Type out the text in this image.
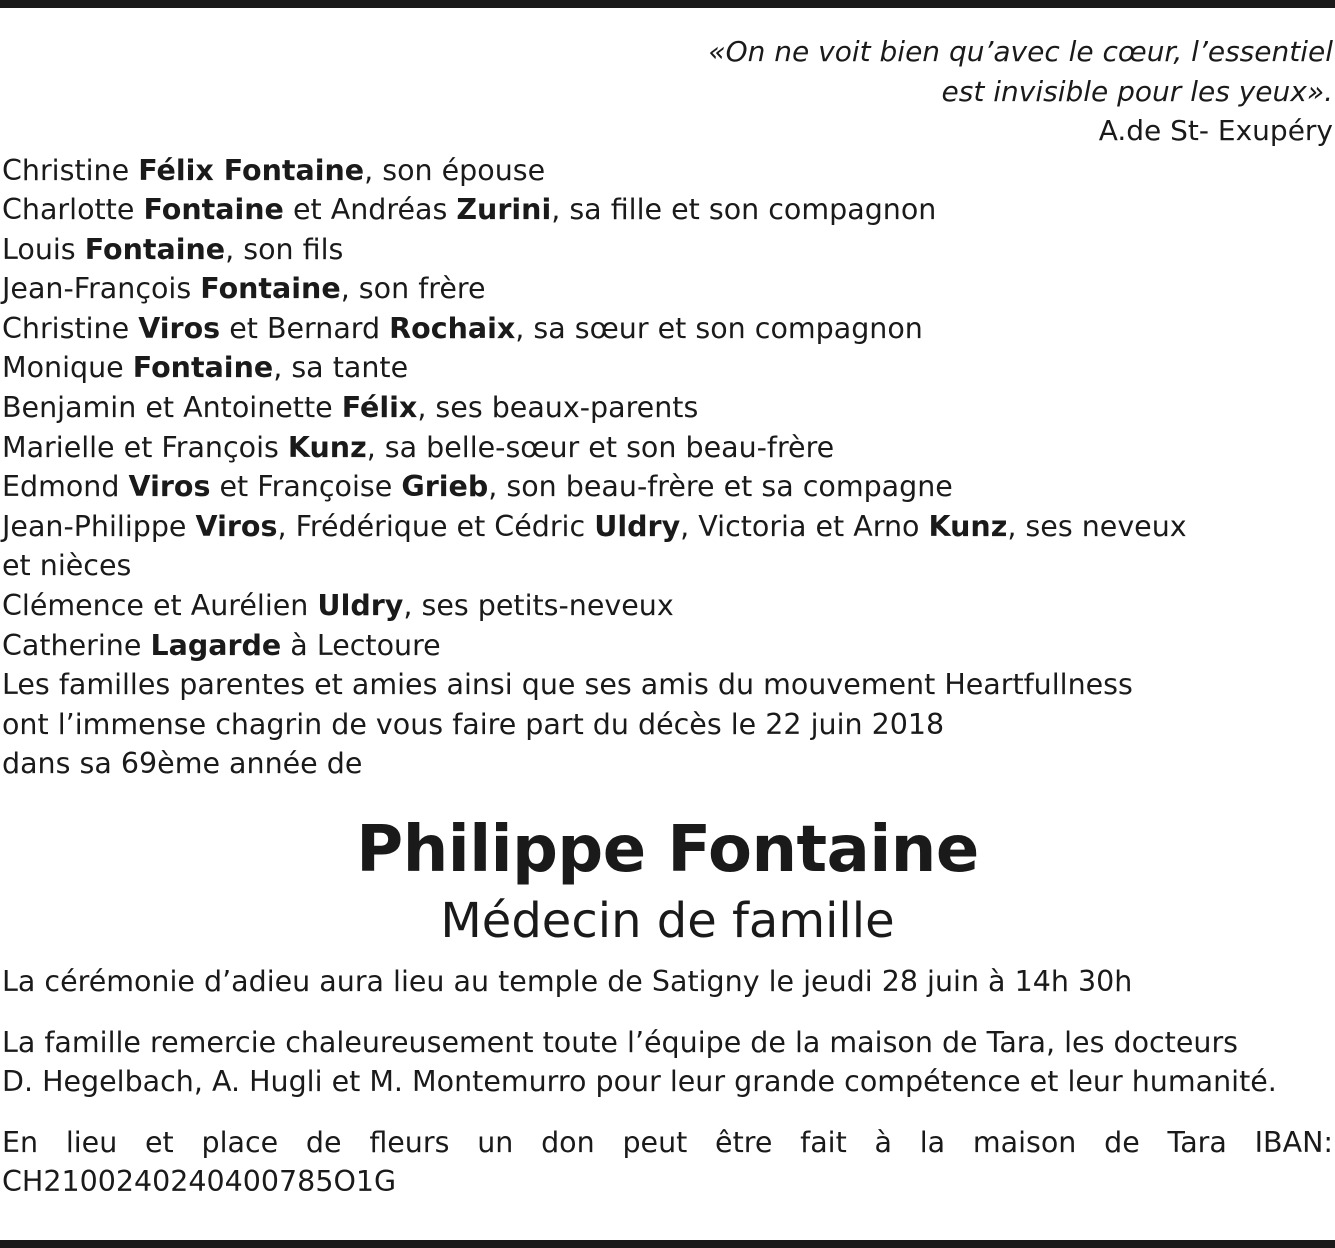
«On ne voit bien qu’avec le cœur, l’essentiel
est invisible pour les yeux».
A.de St- Exupéry
Christine Félix Fontaine, son épouse
Charlotte Fontaine et Andréas Zurini, sa fille et son compagnon
Louis Fontaine, son fils
Jean-François Fontaine, son frère
Christine Viros et Bernard Rochaix, sa sœur et son compagnon
Monique Fontaine, sa tante
Benjamin et Antoinette Félix, ses beaux-parents
Marielle et François Kunz, sa belle-sœur et son beau-frère
Edmond Viros et Françoise Grieb, son beau-frère et sa compagne
Jean-Philippe Viros, Frédérique et Cédric Uldry, Victoria et Arno Kunz, ses neveux
et nièces
Clémence et Aurélien Uldry, ses petits-neveux
Catherine Lagarde à Lectoure
Les familles parentes et amies ainsi que ses amis du mouvement Heartfullness
ont l’immense chagrin de vous faire part du décès le 22 juin 2018
dans sa 69ème année de
Philippe Fontaine
Médecin de famille
La cérémonie d’adieu aura lieu au temple de Satigny le jeudi 28 juin à 14h 30h
La famille remercie chaleureusement toute l’équipe de la maison de Tara, les docteurs
D. Hegelbach, A. Hugli et M. Montemurro pour leur grande compétence et leur humanité.
En lieu et place de fleurs un don peut être fait à la maison de Tara IBAN:
CH2100240240400785O1G
